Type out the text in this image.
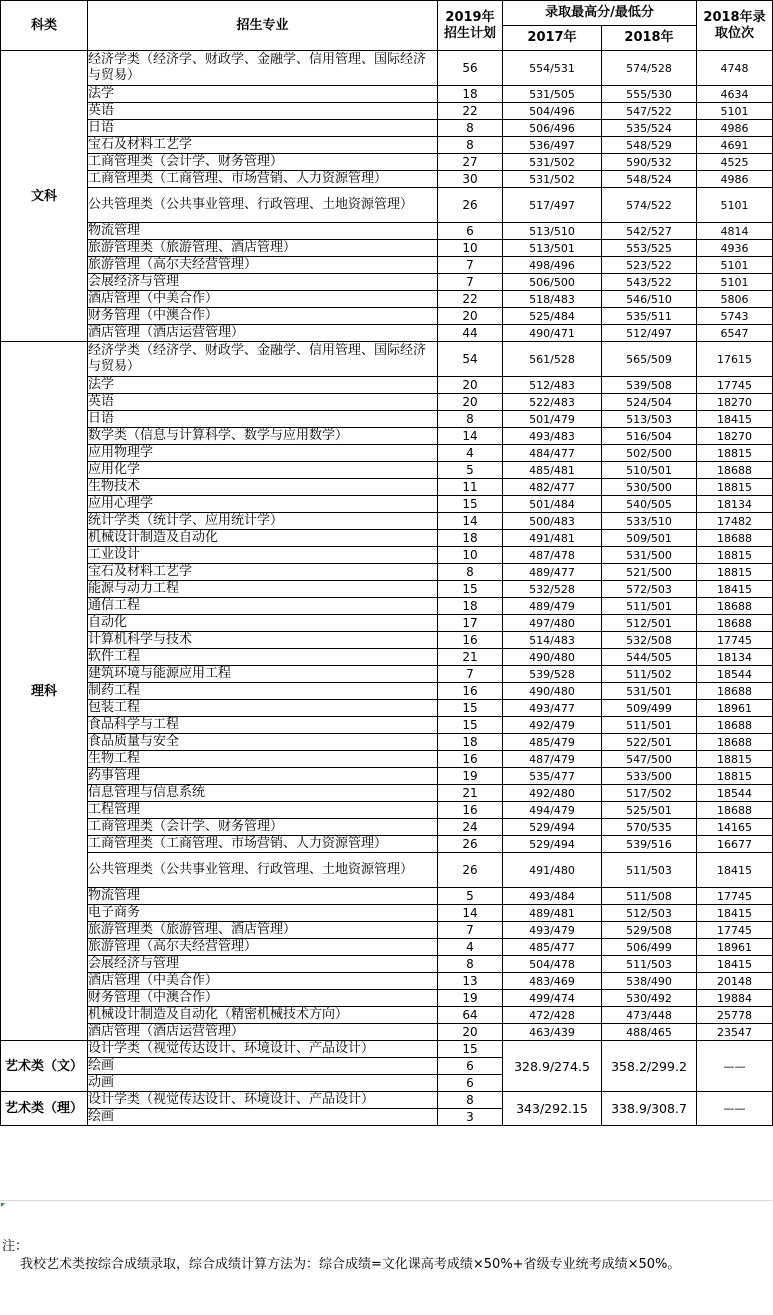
科类	招生专业	2019年招生计划	录取最高分/最低分		2018年录取位次
			2017年	2018年	
文科	经济学类（经济学、财政学、金融学、信用管理、国际经济与贸易）	56	554/531	574/528	4748
	法学	18	531/505	555/530	4634
	英语	22	504/496	547/522	5101
	日语	8	506/496	535/524	4986
	宝石及材料工艺学	8	536/497	548/529	4691
	工商管理类（会计学、财务管理）	27	531/502	590/532	4525
	工商管理类（工商管理、市场营销、人力资源管理）	30	531/502	548/524	4986
	公共管理类（公共事业管理、行政管理、土地资源管理）	26	517/497	574/522	5101
	物流管理	6	513/510	542/527	4814
	旅游管理类（旅游管理、酒店管理）	10	513/501	553/525	4936
	旅游管理（高尔夫经营管理）	7	498/496	523/522	5101
	会展经济与管理	7	506/500	543/522	5101
	酒店管理（中美合作）	22	518/483	546/510	5806
	财务管理（中澳合作）	20	525/484	535/511	5743
	酒店管理（酒店运营管理）	44	490/471	512/497	6547
理科	经济学类（经济学、财政学、金融学、信用管理、国际经济与贸易）	54	561/528	565/509	17615
	法学	20	512/483	539/508	17745
	英语	20	522/483	524/504	18270
	日语	8	501/479	513/503	18415
	数学类（信息与计算科学、数学与应用数学）	14	493/483	516/504	18270
	应用物理学	4	484/477	502/500	18815
	应用化学	5	485/481	510/501	18688
	生物技术	11	482/477	530/500	18815
	应用心理学	15	501/484	540/505	18134
	统计学类（统计学、应用统计学）	14	500/483	533/510	17482
	机械设计制造及自动化	18	491/481	509/501	18688
	工业设计	10	487/478	531/500	18815
	宝石及材料工艺学	8	489/477	521/500	18815
	能源与动力工程	15	532/528	572/503	18415
	通信工程	18	489/479	511/501	18688
	自动化	17	497/480	512/501	18688
	计算机科学与技术	16	514/483	532/508	17745
	软件工程	21	490/480	544/505	18134
	建筑环境与能源应用工程	7	539/528	511/502	18544
	制药工程	16	490/480	531/501	18688
	包装工程	15	493/477	509/499	18961
	食品科学与工程	15	492/479	511/501	18688
	食品质量与安全	18	485/479	522/501	18688
	生物工程	16	487/479	547/500	18815
	药事管理	19	535/477	533/500	18815
	信息管理与信息系统	21	492/480	517/502	18544
	工程管理	16	494/479	525/501	18688
	工商管理类（会计学、财务管理）	24	529/494	570/535	14165
	工商管理类（工商管理、市场营销、人力资源管理）	26	529/494	539/516	16677
	公共管理类（公共事业管理、行政管理、土地资源管理）	26	491/480	511/503	18415
	物流管理	5	493/484	511/508	17745
	电子商务	14	489/481	512/503	18415
	旅游管理类（旅游管理、酒店管理）	7	493/479	529/508	17745
	旅游管理（高尔夫经营管理）	4	485/477	506/499	18961
	会展经济与管理	8	504/478	511/503	18415
	酒店管理（中美合作）	13	483/469	538/490	20148
	财务管理（中澳合作）	19	499/474	530/492	19884
	机械设计制造及自动化（精密机械技术方向）	64	472/428	473/448	25778
	酒店管理（酒店运营管理）	20	463/439	488/465	23547
艺术类（文）	设计学类（视觉传达设计、环境设计、产品设计）	15	328.9/274.5	358.2/299.2	——
	绘画	6			
	动画	6			
艺术类（理）	设计学类（视觉传达设计、环境设计、产品设计）	8	343/292.15	338.9/308.7	——
	绘画	3			
注：
我校艺术类按综合成绩录取，综合成绩计算方法为：综合成绩=文化课高考成绩×50%+省级专业统考成绩×50%。
